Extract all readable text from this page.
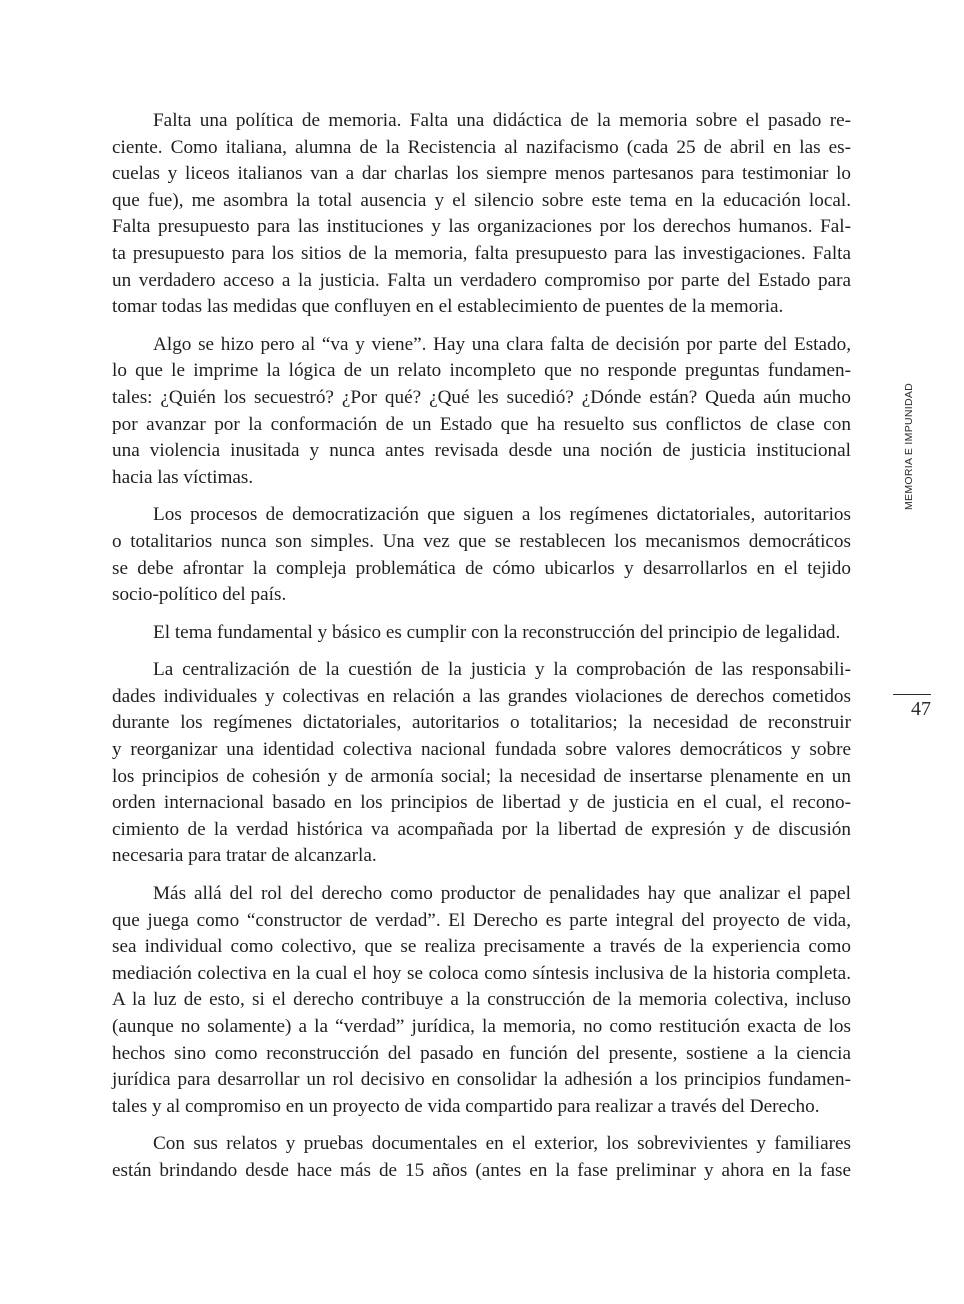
Falta una política de memoria. Falta una didáctica de la memoria sobre el pasado re-
ciente. Como italiana, alumna de la Recistencia al nazifacismo (cada 25 de abril en las es-
cuelas y liceos italianos van a dar charlas los siempre menos partesanos para testimoniar lo
que fue), me asombra la total ausencia y el silencio sobre este tema en la educación local.
Falta presupuesto para las instituciones y las organizaciones por los derechos humanos. Fal-
ta presupuesto para los sitios de la memoria, falta presupuesto para las investigaciones. Falta
un verdadero acceso a la justicia. Falta un verdadero compromiso por parte del Estado para
tomar todas las medidas que confluyen en el establecimiento de puentes de la memoria.
Algo se hizo pero al “va y viene”. Hay una clara falta de decisión por parte del Estado,
lo que le imprime la lógica de un relato incompleto que no responde preguntas fundamen-
tales: ¿Quién los secuestró? ¿Por qué? ¿Qué les sucedió? ¿Dónde están? Queda aún mucho
por avanzar por la conformación de un Estado que ha resuelto sus conflictos de clase con
una violencia inusitada y nunca antes revisada desde una noción de justicia institucional
hacia las víctimas.
Los procesos de democratización que siguen a los regímenes dictatoriales, autoritarios
o totalitarios nunca son simples. Una vez que se restablecen los mecanismos democráticos
se debe afrontar la compleja problemática de cómo ubicarlos y desarrollarlos en el tejido
socio-político del país.
El tema fundamental y básico es cumplir con la reconstrucción del principio de legalidad.
La centralización de la cuestión de la justicia y la comprobación de las responsabili-
dades individuales y colectivas en relación a las grandes violaciones de derechos cometidos
durante los regímenes dictatoriales, autoritarios o totalitarios; la necesidad de reconstruir
y reorganizar una identidad colectiva nacional fundada sobre valores democráticos y sobre
los principios de cohesión y de armonía social; la necesidad de insertarse plenamente en un
orden internacional basado en los principios de libertad y de justicia en el cual, el recono-
cimiento de la verdad histórica va acompañada por la libertad de expresión y de discusión
necesaria para tratar de alcanzarla.
Más allá del rol del derecho como productor de penalidades hay que analizar el papel
que juega como “constructor de verdad”. El Derecho es parte integral del proyecto de vida,
sea individual como colectivo, que se realiza precisamente a través de la experiencia como
mediación colectiva en la cual el hoy se coloca como síntesis inclusiva de la historia completa.
A la luz de esto, si el derecho contribuye a la construcción de la memoria colectiva, incluso
(aunque no solamente) a la “verdad” jurídica, la memoria, no como restitución exacta de los
hechos sino como reconstrucción del pasado en función del presente, sostiene a la ciencia
jurídica para desarrollar un rol decisivo en consolidar la adhesión a los principios fundamen-
tales y al compromiso en un proyecto de vida compartido para realizar a través del Derecho.
Con sus relatos y pruebas documentales en el exterior, los sobrevivientes y familiares
están brindando desde hace más de 15 años (antes en la fase preliminar y ahora en la fase
MEMORIA E IMPUNIDAD
47
